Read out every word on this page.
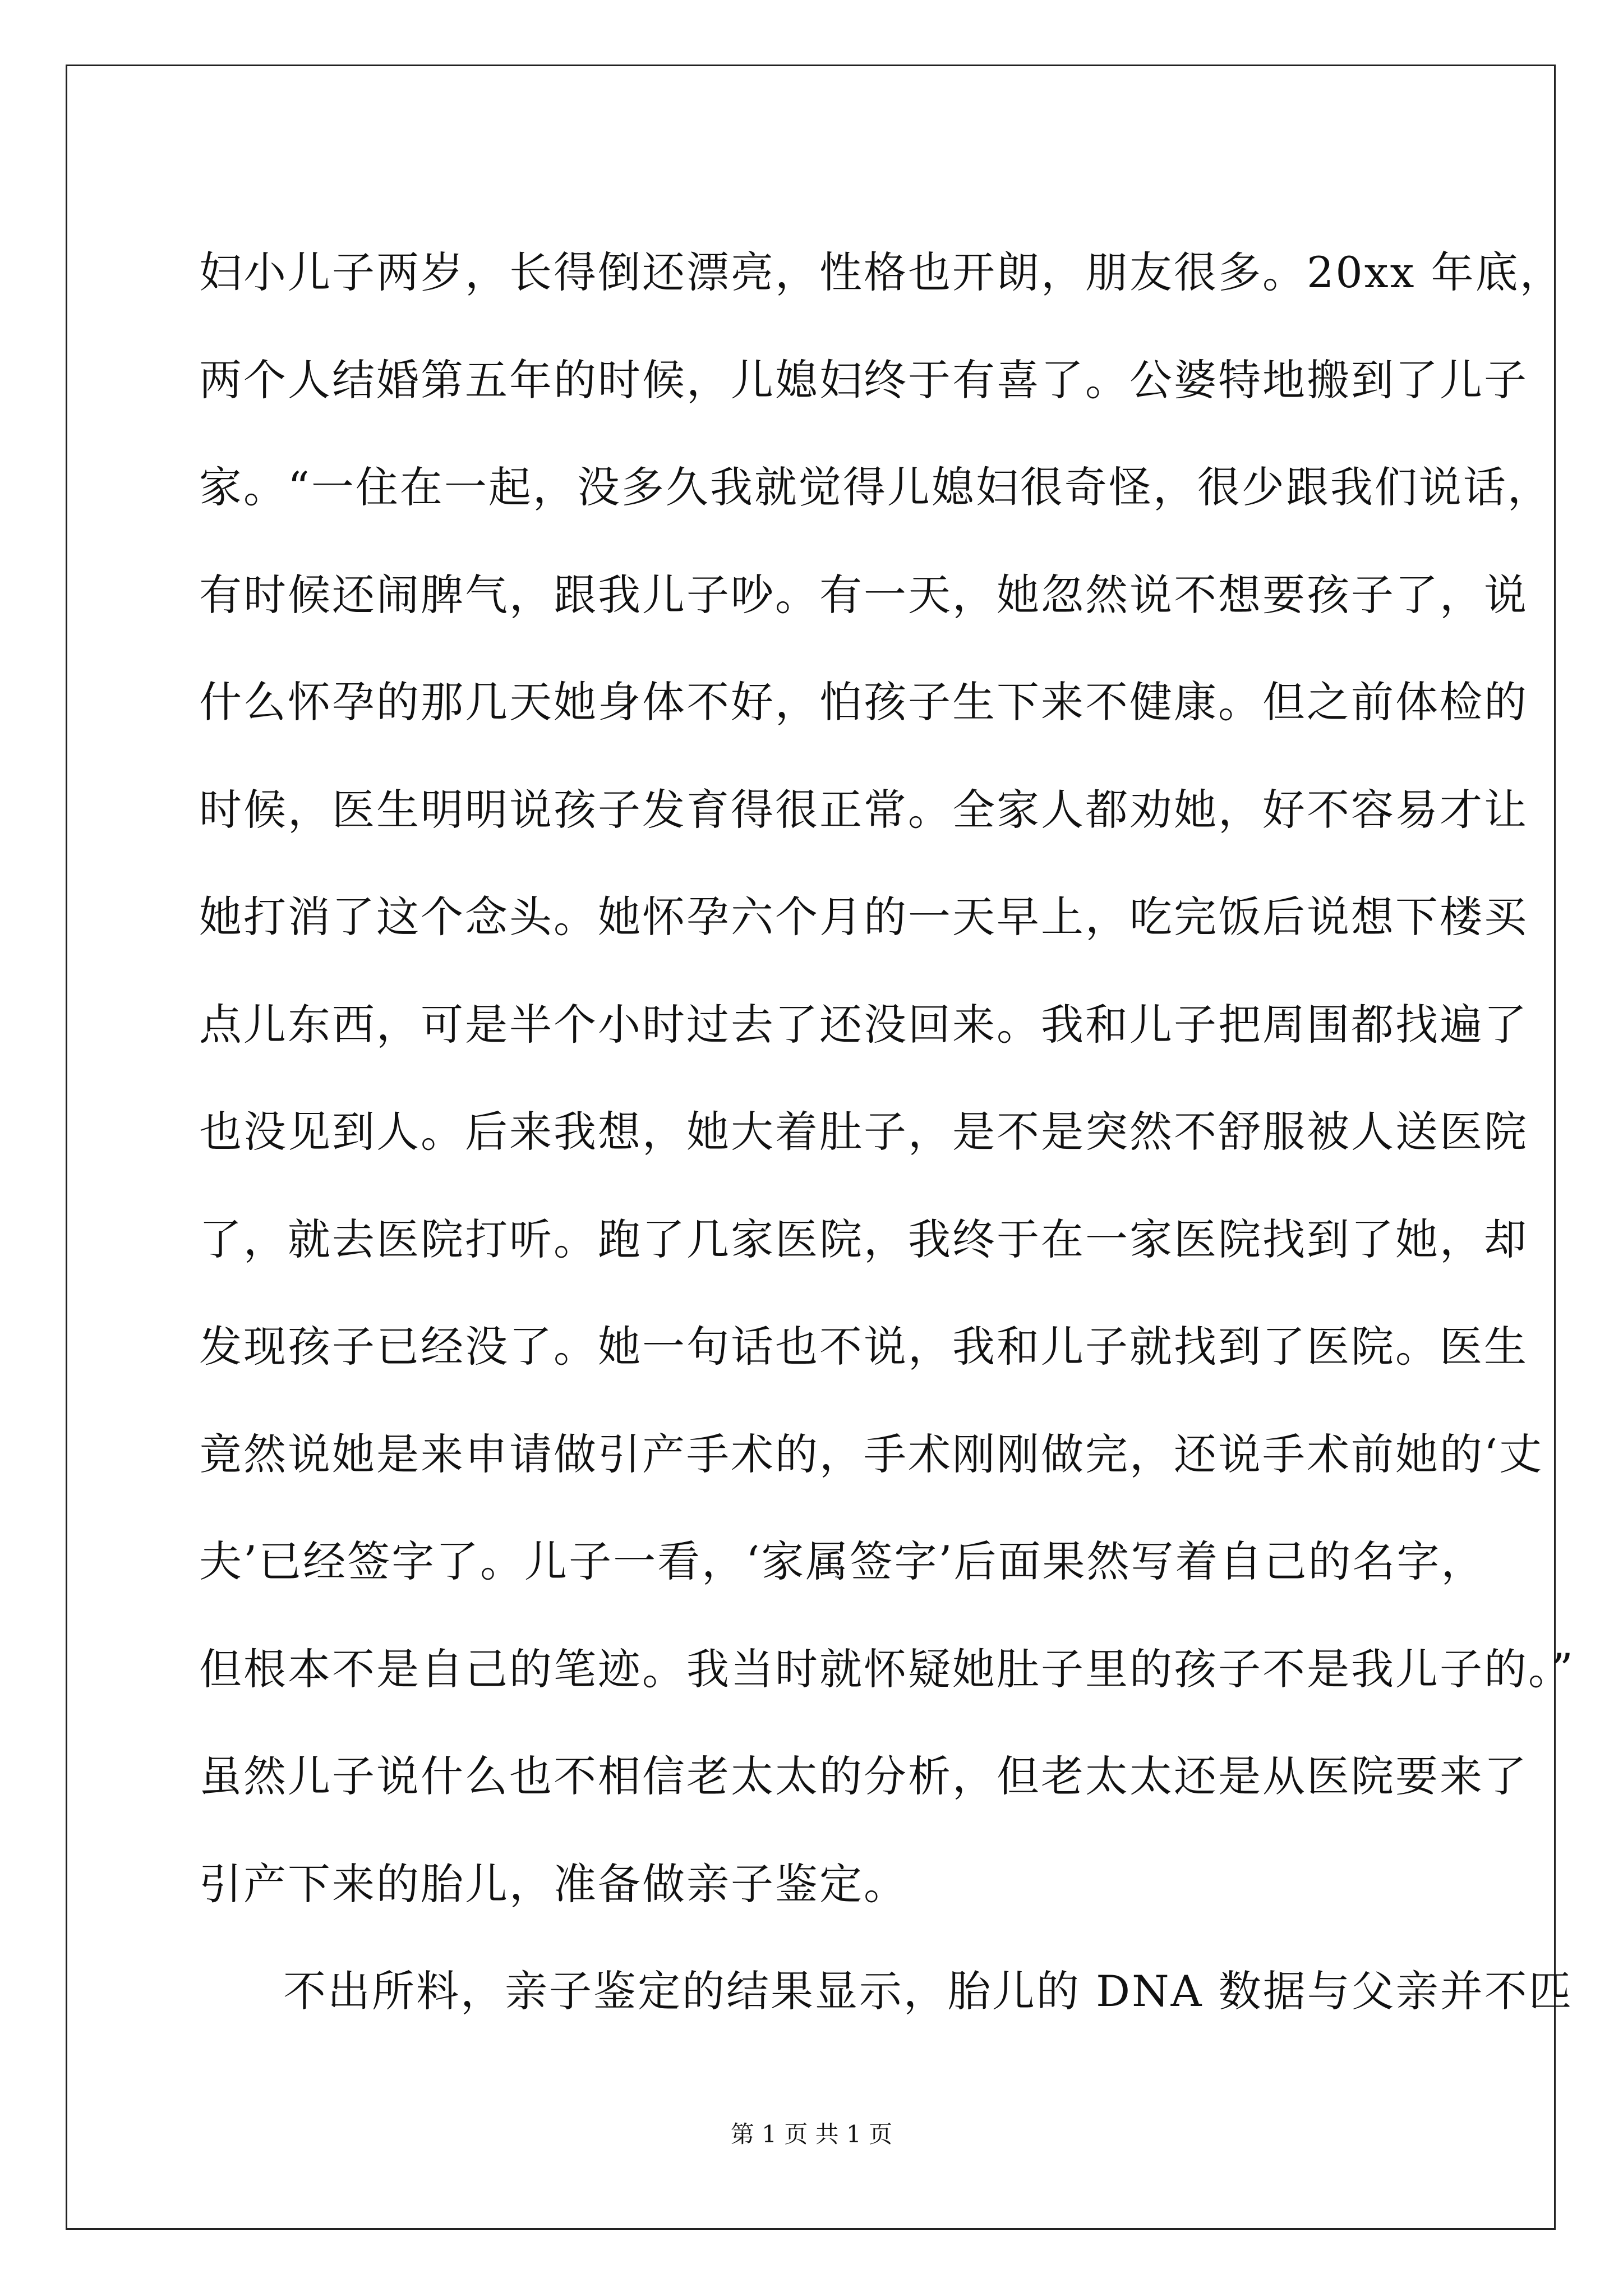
妇小儿子两岁，长得倒还漂亮，性格也开朗，朋友很多。20xx 年底，
两个人结婚第五年的时候，儿媳妇终于有喜了。公婆特地搬到了儿子
家。“一住在一起，没多久我就觉得儿媳妇很奇怪，很少跟我们说话，
有时候还闹脾气，跟我儿子吵。有一天，她忽然说不想要孩子了，说
什么怀孕的那几天她身体不好，怕孩子生下来不健康。但之前体检的
时候，医生明明说孩子发育得很正常。全家人都劝她，好不容易才让
她打消了这个念头。她怀孕六个月的一天早上，吃完饭后说想下楼买
点儿东西，可是半个小时过去了还没回来。我和儿子把周围都找遍了
也没见到人。后来我想，她大着肚子，是不是突然不舒服被人送医院
了，就去医院打听。跑了几家医院，我终于在一家医院找到了她，却
发现孩子已经没了。她一句话也不说，我和儿子就找到了医院。医生
竟然说她是来申请做引产手术的，手术刚刚做完，还说手术前她的‘丈
夫’已经签字了。儿子一看，‘家属签字’后面果然写着自己的名字，
但根本不是自己的笔迹。我当时就怀疑她肚子里的孩子不是我儿子的。”
虽然儿子说什么也不相信老太太的分析，但老太太还是从医院要来了
引产下来的胎儿，准备做亲子鉴定。
不出所料，亲子鉴定的结果显示，胎儿的 DNA 数据与父亲并不匹
第 1 页 共 1 页
